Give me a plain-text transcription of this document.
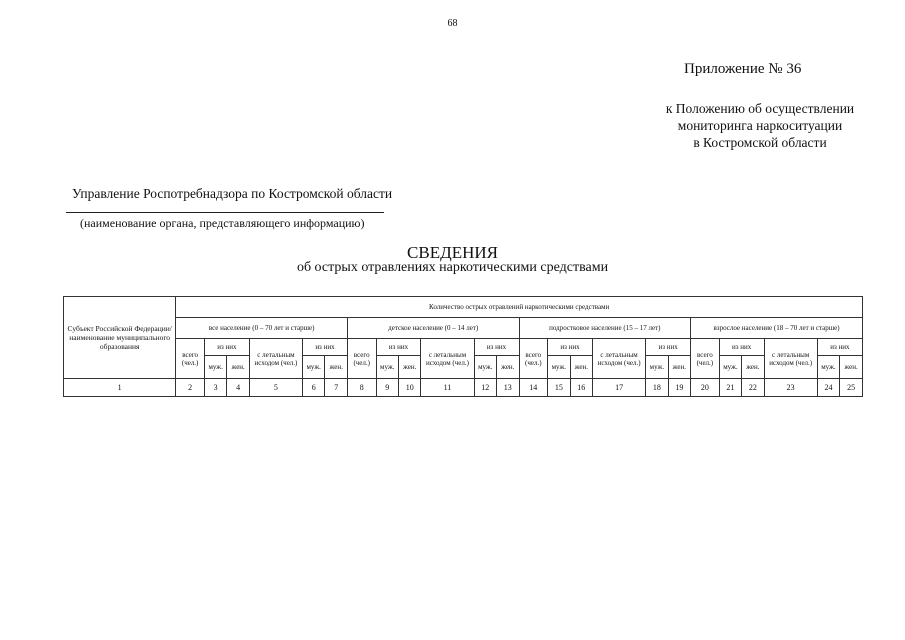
68
Приложение № 36
к Положению об осуществлении
мониторинга наркоситуации
в Костромской области
Управление Роспотребнадзора по Костромской области
(наименование органа, представляющего информацию)
СВЕДЕНИЯ
об острых отравлениях наркотическими средствами
Субъект Российской Федерации/наименование муниципального образования	Количество острых отравлений наркотическими средствами																							
	все население (0 – 70 лет и старше)						детское население (0 – 14 лет)						подростковое население (15 – 17 лет)						взрослое население (18 – 70 лет и старше)					
	всего (чел.)	из них		с летальным исходом (чел.)	из них		всего (чел.)	из них		с летальным исходом (чел.)	из них		всего (чел.)	из них		с летальным исходом (чел.)	из них		всего (чел.)	из них		с летальным исходом (чел.)	из них	
		муж.	жен.		муж.	жен.		муж.	жен.		муж.	жен.		муж.	жен.		муж.	жен.		муж.	жен.		муж.	жен.
1	2	3	4	5	6	7	8	9	10	11	12	13	14	15	16	17	18	19	20	21	22	23	24	25
